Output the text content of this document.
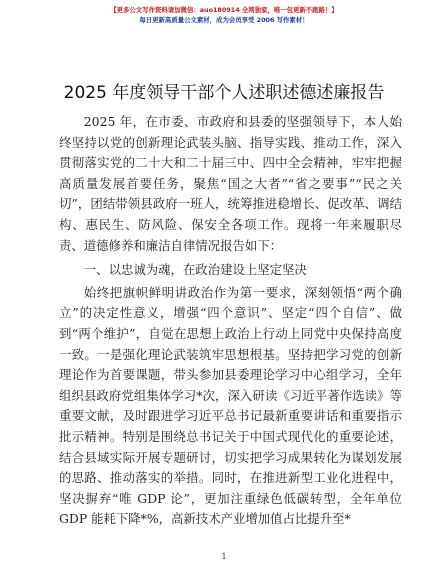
【更多公文写作资料请加微信：auo180914 全网独家，唯一包更新不跑路！】
每日更新高质量公文素材，成为会员享受 2006 写作素材！
2025 年度领导干部个人述职述德述廉报告

2025 年，在市委、市政府和县委的坚强领导下，本人始终坚持以党的创新理论武装头脑、指导实践、推动工作，深入贯彻落实党的二十大和二十届三中、四中全会精神，牢牢把握高质量发展首要任务，聚焦“国之大者”“省之要事”“民之关切”，团结带领县政府一班人，统筹推进稳增长、促改革、调结构、惠民生、防风险、保安全各项工作。现将一年来履职尽责、道德修养和廉洁自律情况报告如下：

一、以忠诚为魂，在政治建设上坚定坚决

始终把旗帜鲜明讲政治作为第一要求，深刻领悟“两个确立”的决定性意义，增强“四个意识”、坚定“四个自信”、做到“两个维护”，自觉在思想上政治上行动上同党中央保持高度一致。一是强化理论武装筑牢思想根基。坚持把学习党的创新理论作为首要课题，带头参加县委理论学习中心组学习，全年组织县政府党组集体学习*次，深入研读《习近平著作选读》等重要文献，及时跟进学习近平总书记最新重要讲话和重要指示批示精神。特别是围绕总书记关于中国式现代化的重要论述，结合县域实际开展专题研讨，切实把学习成果转化为谋划发展的思路、推动落实的举措。同时，在推进新型工业化进程中，坚决摒弃“唯 GDP 论”，更加注重绿色低碳转型，全年单位 GDP 能耗下降*%，高新技术产业增加值占比提升至*

1
